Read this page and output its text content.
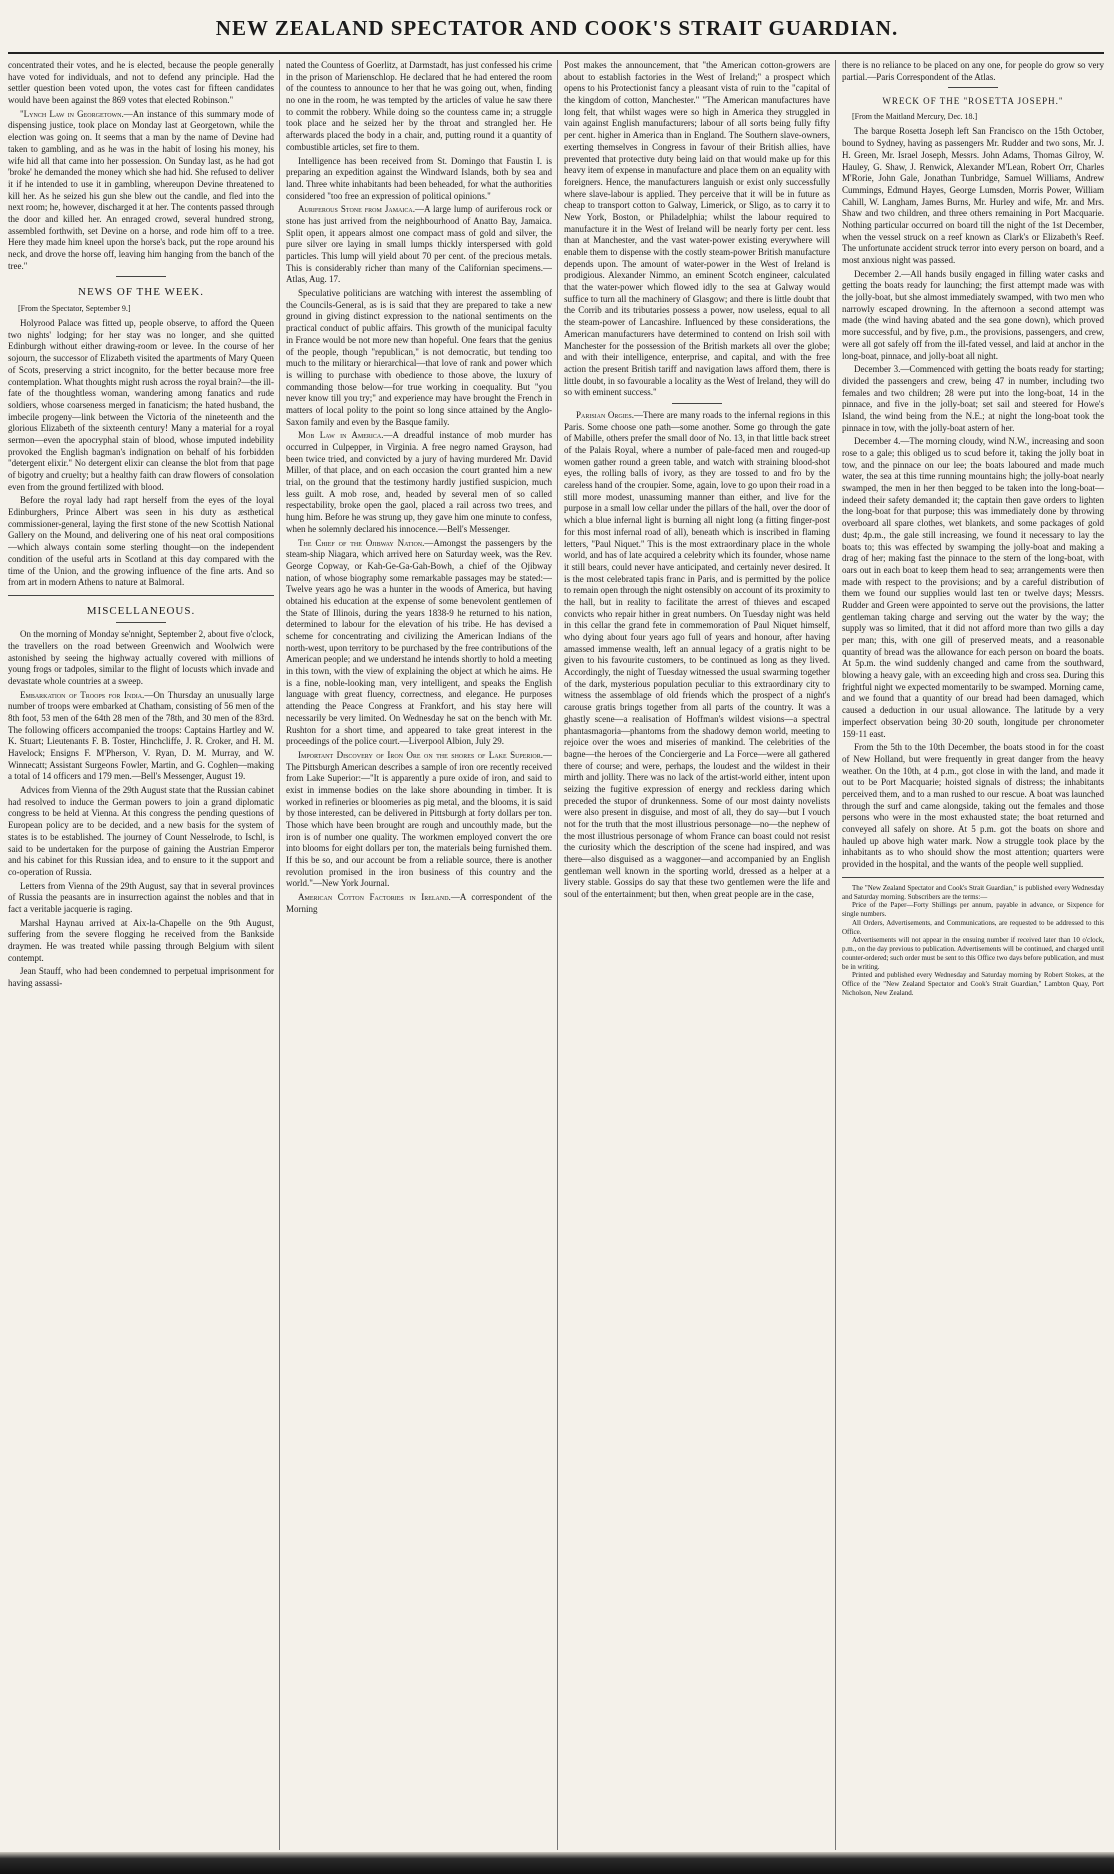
NEW ZEALAND SPECTATOR AND COOK'S STRAIT GUARDIAN.

concentrated their votes, and he is elected, because the people generally have voted for individuals, and not to defend any principle. Had the settler question been voted upon, the votes cast for fifteen candidates would have been against the 869 votes that elected Robinson."

"Lynch Law in Georgetown.—An instance of this summary mode of dispensing justice, took place on Monday last at Georgetown, while the election was going on. It seems that a man by the name of Devine had taken to gambling, and as he was in the habit of losing his money, his wife hid all that came into her possession. On Sunday last, as he had got 'broke' he demanded the money which she had hid. She refused to deliver it if he intended to use it in gambling, whereupon Devine threatened to kill her. As he seized his gun she blew out the candle, and fled into the next room; he, however, discharged it at her. The contents passed through the door and killed her. An enraged crowd, several hundred strong, assembled forthwith, set Devine on a horse, and rode him off to a tree. Here they made him kneel upon the horse's back, put the rope around his neck, and drove the horse off, leaving him hanging from the banch of the tree."

NEWS OF THE WEEK.
[From the Spectator, September 9.]

Holyrood Palace was fitted up, people observe, to afford the Queen two nights' lodging; for her stay was no longer, and she quitted Edinburgh without either drawing-room or levee. In the course of her sojourn, the successor of Elizabeth visited the apartments of Mary Queen of Scots, preserving a strict incognito, for the better because more free contemplation. What thoughts might rush across the royal brain?—the ill-fate of the thoughtless woman, wandering among fanatics and rude soldiers, whose coarseness merged in fanaticism; the hated husband, the imbecile progeny—link between the Victoria of the nineteenth and the glorious Elizabeth of the sixteenth century! Many a material for a royal sermon—even the apocryphal stain of blood, whose imputed indebility provoked the English bagman's indignation on behalf of his forbidden "detergent elixir." No detergent elixir can cleanse the blot from that page of bigotry and cruelty; but a healthy faith can draw flowers of consolation even from the ground fertilized with blood.

Before the royal lady had rapt herself from the eyes of the loyal Edinburghers, Prince Albert was seen in his duty as æsthetical commissioner-general, laying the first stone of the new Scottish National Gallery on the Mound, and delivering one of his neat oral compositions—which always contain some sterling thought—on the independent condition of the useful arts in Scotland at this day compared with the time of the Union, and the growing influence of the fine arts. And so from art in modern Athens to nature at Balmoral.

MISCELLANEOUS.

On the morning of Monday se'nnight, September 2, about five o'clock, the travellers on the road between Greenwich and Woolwich were astonished by seeing the highway actually covered with millions of young frogs or tadpoles, similar to the flight of locusts which invade and devastate whole countries at a sweep.

Embarkation of Troops for India.—On Thursday an unusually large number of troops were embarked at Chatham, consisting of 56 men of the 8th foot, 53 men of the 64th 28 men of the 78th, and 30 men of the 83rd. The following officers accompanied the troops: Captains Hartley and W. K. Stuart; Lieutenants F. B. Toster, Hinchcliffe, J. R. Croker, and H. M. Havelock; Ensigns F. M'Pherson, V. Ryan, D. M. Murray, and W. Winnecatt; Assistant Surgeons Fowler, Martin, and G. Coghlen—making a total of 14 officers and 179 men.—Bell's Messenger, August 19.

Advices from Vienna of the 29th August state that the Russian cabinet had resolved to induce the German powers to join a grand diplomatic congress to be held at Vienna. At this congress the pending questions of European policy are to be decided, and a new basis for the system of states is to be established. The journey of Count Nesselrode, to Ischl, is said to be undertaken for the purpose of gaining the Austrian Emperor and his cabinet for this Russian idea, and to ensure to it the support and co-operation of Russia.

Letters from Vienna of the 29th August, say that in several provinces of Russia the peasants are in insurrection against the nobles and that in fact a veritable jacquerie is raging.

Marshal Haynau arrived at Aix-la-Chapelle on the 9th August, suffering from the severe flogging he received from the Bankside draymen. He was treated while passing through Belgium with silent contempt.

Jean Stauff, who had been condemned to perpetual imprisonment for having assassi-

nated the Countess of Goerlitz, at Darmstadt, has just confessed his crime in the prison of Marienschlop. He declared that he had entered the room of the countess to announce to her that he was going out, when, finding no one in the room, he was tempted by the articles of value he saw there to commit the robbery. While doing so the countess came in; a struggle took place and he seized her by the throat and strangled her. He afterwards placed the body in a chair, and, putting round it a quantity of combustible articles, set fire to them.

Intelligence has been received from St. Domingo that Faustin I. is preparing an expedition against the Windward Islands, both by sea and land. Three white inhabitants had been beheaded, for what the authorities considered "too free an expression of political opinions."

Auriferous Stone from Jamaica.—A large lump of auriferous rock or stone has just arrived from the neighbourhood of Anatto Bay, Jamaica. Split open, it appears almost one compact mass of gold and silver, the pure silver ore laying in small lumps thickly interspersed with gold particles. This lump will yield about 70 per cent. of the precious metals. This is considerably richer than many of the Californian specimens.—Atlas, Aug. 17.

Speculative politicians are watching with interest the assembling of the Councils-General, as is is said that they are prepared to take a new ground in giving distinct expression to the national sentiments on the practical conduct of public affairs. This growth of the municipal faculty in France would be not more new than hopeful. One fears that the genius of the people, though "republican," is not democratic, but tending too much to the military or hierarchical—that love of rank and power which is willing to purchase with obedience to those above, the luxury of commanding those below—for true working in coequality. But "you never know till you try;" and experience may have brought the French in matters of local polity to the point so long since attained by the Anglo-Saxon family and even by the Basque family.

Mob Law in America.—A dreadful instance of mob murder has occurred in Culpepper, in Virginia. A free negro named Grayson, had been twice tried, and convicted by a jury of having murdered Mr. David Miller, of that place, and on each occasion the court granted him a new trial, on the ground that the testimony hardly justified suspicion, much less guilt. A mob rose, and, headed by several men of so called respectability, broke open the gaol, placed a rail across two trees, and hung him. Before he was strung up, they gave him one minute to confess, when he solemnly declared his innocence.—Bell's Messenger.

The Chief of the Ojibway Nation.—Amongst the passengers by the steam-ship Niagara, which arrived here on Saturday week, was the Rev. George Copway, or Kah-Ge-Ga-Gah-Bowh, a chief of the Ojibway nation, of whose biography some remarkable passages may be stated:—Twelve years ago he was a hunter in the woods of America, but having obtained his education at the expense of some benevolent gentlemen of the State of Illinois, during the years 1838-9 he returned to his nation, determined to labour for the elevation of his tribe. He has devised a scheme for concentrating and civilizing the American Indians of the north-west, upon territory to be purchased by the free contributions of the American people; and we understand he intends shortly to hold a meeting in this town, with the view of explaining the object at which he aims. He is a fine, noble-looking man, very intelligent, and speaks the English language with great fluency, correctness, and elegance. He purposes attending the Peace Congress at Frankfort, and his stay here will necessarily be very limited. On Wednesday he sat on the bench with Mr. Rushton for a short time, and appeared to take great interest in the proceedings of the police court.—Liverpool Albion, July 29.

Important Discovery of Iron Ore on the shores of Lake Superior.—The Pittsburgh American describes a sample of iron ore recently received from Lake Superior:—"It is apparently a pure oxide of iron, and said to exist in immense bodies on the lake shore abounding in timber. It is worked in refineries or bloomeries as pig metal, and the blooms, it is said by those interested, can be delivered in Pittsburgh at forty dollars per ton. Those which have been brought are rough and uncouthly made, but the iron is of number one quality. The workmen employed convert the ore into blooms for eight dollars per ton, the materials being furnished them. If this be so, and our account be from a reliable source, there is another revolution promised in the iron business of this country and the world."—New York Journal.

American Cotton Factories in Ireland.—A correspondent of the Morning

Post makes the announcement, that "the American cotton-growers are about to establish factories in the West of Ireland;" a prospect which opens to his Protectionist fancy a pleasant vista of ruin to the "capital of the kingdom of cotton, Manchester." "The American manufactures have long felt, that whilst wages were so high in America they struggled in vain against English manufacturers; labour of all sorts being fully fifty per cent. higher in America than in England. The Southern slave-owners, exerting themselves in Congress in favour of their British allies, have prevented that protective duty being laid on that would make up for this heavy item of expense in manufacture and place them on an equality with foreigners. Hence, the manufacturers languish or exist only successfully where slave-labour is applied. They perceive that it will be in future as cheap to transport cotton to Galway, Limerick, or Sligo, as to carry it to New York, Boston, or Philadelphia; whilst the labour required to manufacture it in the West of Ireland will be nearly forty per cent. less than at Manchester, and the vast water-power existing everywhere will enable them to dispense with the costly steam-power British manufacture depends upon. The amount of water-power in the West of Ireland is prodigious. Alexander Nimmo, an eminent Scotch engineer, calculated that the water-power which flowed idly to the sea at Galway would suffice to turn all the machinery of Glasgow; and there is little doubt that the Corrib and its tributaries possess a power, now useless, equal to all the steam-power of Lancashire. Influenced by these considerations, the American manufacturers have determined to contend on Irish soil with Manchester for the possession of the British markets all over the globe; and with their intelligence, enterprise, and capital, and with the free action the present British tariff and navigation laws afford them, there is little doubt, in so favourable a locality as the West of Ireland, they will do so with eminent success."

Parisian Orgies.—There are many roads to the infernal regions in this Paris. Some choose one path—some another. Some go through the gate of Mabille, others prefer the small door of No. 13, in that little back street of the Palais Royal, where a number of pale-faced men and rouged-up women gather round a green table, and watch with straining blood-shot eyes, the rolling balls of ivory, as they are tossed to and fro by the careless hand of the croupier. Some, again, love to go upon their road in a still more modest, unassuming manner than either, and live for the purpose in a small low cellar under the pillars of the hall, over the door of which a blue infernal light is burning all night long (a fitting finger-post for this most infernal road of all), beneath which is inscribed in flaming letters, "Paul Niquet." This is the most extraordinary place in the whole world, and has of late acquired a celebrity which its founder, whose name it still bears, could never have anticipated, and certainly never desired. It is the most celebrated tapis franc in Paris, and is permitted by the police to remain open through the night ostensibly on account of its proximity to the hall, but in reality to facilitate the arrest of thieves and escaped convicts who repair hither in great numbers. On Tuesday night was held in this cellar the grand fete in commemoration of Paul Niquet himself, who dying about four years ago full of years and honour, after having amassed immense wealth, left an annual legacy of a gratis night to be given to his favourite customers, to be continued as long as they lived. Accordingly, the night of Tuesday witnessed the usual swarming together of the dark, mysterious population peculiar to this extraordinary city to witness the assemblage of old friends which the prospect of a night's carouse gratis brings together from all parts of the country. It was a ghastly scene—a realisation of Hoffman's wildest visions—a spectral phantasmagoria—phantoms from the shadowy demon world, meeting to rejoice over the woes and miseries of mankind. The celebrities of the bagne—the heroes of the Conciergerie and La Force—were all gathered there of course; and were, perhaps, the loudest and the wildest in their mirth and jollity. There was no lack of the artist-world either, intent upon seizing the fugitive expression of energy and reckless daring which preceded the stupor of drunkenness. Some of our most dainty novelists were also present in disguise, and most of all, they do say—but I vouch not for the truth that the most illustrious personage—no—the nephew of the most illustrious personage of whom France can boast could not resist the curiosity which the description of the scene had inspired, and was there—also disguised as a waggoner—and accompanied by an English gentleman well known in the sporting world, dressed as a helper at a livery stable. Gossips do say that these two gentlemen were the life and soul of the entertainment; but then, when great people are in the case,

there is no reliance to be placed on any one, for people do grow so very partial.—Paris Correspondent of the Atlas.

WRECK OF THE "ROSETTA JOSEPH."
[From the Maitland Mercury, Dec. 18.]

The barque Rosetta Joseph left San Francisco on the 15th October, bound to Sydney, having as passengers Mr. Rudder and two sons, Mr. J. H. Green, Mr. Israel Joseph, Messrs. John Adams, Thomas Gilroy, W. Hauley, G. Shaw, J. Renwick, Alexander M'Lean, Robert Orr, Charles M'Rorie, John Gale, Jonathan Tunbridge, Samuel Williams, Andrew Cummings, Edmund Hayes, George Lumsden, Morris Power, William Cahill, W. Langham, James Burns, Mr. Hurley and wife, Mr. and Mrs. Shaw and two children, and three others remaining in Port Macquarie. Nothing particular occurred on board till the night of the 1st December, when the vessel struck on a reef known as Clark's or Elizabeth's Reef. The unfortunate accident struck terror into every person on board, and a most anxious night was passed.

December 2.—All hands busily engaged in filling water casks and getting the boats ready for launching; the first attempt made was with the jolly-boat, but she almost immediately swamped, with two men who narrowly escaped drowning. In the afternoon a second attempt was made (the wind having abated and the sea gone down), which proved more successful, and by five, p.m., the provisions, passengers, and crew, were all got safely off from the ill-fated vessel, and laid at anchor in the long-boat, pinnace, and jolly-boat all night.

December 3.—Commenced with getting the boats ready for starting; divided the passengers and crew, being 47 in number, including two females and two children; 28 were put into the long-boat, 14 in the pinnace, and five in the jolly-boat; set sail and steered for Howe's Island, the wind being from the N.E.; at night the long-boat took the pinnace in tow, with the jolly-boat astern of her.

December 4.—The morning cloudy, wind N.W., increasing and soon rose to a gale; this obliged us to scud before it, taking the jolly boat in tow, and the pinnace on our lee; the boats laboured and made much water, the sea at this time running mountains high; the jolly-boat nearly swamped, the men in her then begged to be taken into the long-boat—indeed their safety demanded it; the captain then gave orders to lighten the long-boat for that purpose; this was immediately done by throwing overboard all spare clothes, wet blankets, and some packages of gold dust; 4p.m., the gale still increasing, we found it necessary to lay the boats to; this was effected by swamping the jolly-boat and making a drag of her; making fast the pinnace to the stern of the long-boat, with oars out in each boat to keep them head to sea; arrangements were then made with respect to the provisions; and by a careful distribution of them we found our supplies would last ten or twelve days; Messrs. Rudder and Green were appointed to serve out the provisions, the latter gentleman taking charge and serving out the water by the way; the supply was so limited, that it did not afford more than two gills a day per man; this, with one gill of preserved meats, and a reasonable quantity of bread was the allowance for each person on board the boats. At 5p.m. the wind suddenly changed and came from the southward, blowing a heavy gale, with an exceeding high and cross sea. During this frightful night we expected momentarily to be swamped. Morning came, and we found that a quantity of our bread had been damaged, which caused a deduction in our usual allowance. The latitude by a very imperfect observation being 30·20 south, longitude per chronometer 159·11 east.

From the 5th to the 10th December, the boats stood in for the coast of New Holland, but were frequently in great danger from the heavy weather. On the 10th, at 4 p.m., got close in with the land, and made it out to be Port Macquarie; hoisted signals of distress; the inhabitants perceived them, and to a man rushed to our rescue. A boat was launched through the surf and came alongside, taking out the females and those persons who were in the most exhausted state; the boat returned and conveyed all safely on shore. At 5 p.m. got the boats on shore and hauled up above high water mark. Now a struggle took place by the inhabitants as to who should show the most attention; quarters were provided in the hospital, and the wants of the people well supplied.

The "New Zealand Spectator and Cook's Strait Guardian," is published every Wednesday and Saturday morning. Subscribers are the terms:—

Price of the Paper—Forty Shillings per annum, payable in advance, or Sixpence for single numbers.

All Orders, Advertisements, and Communications, are requested to be addressed to this Office.

Advertisements will not appear in the ensuing number if received later than 10 o'clock, p.m., on the day previous to publication. Advertisements will be continued, and charged until counter-ordered; such order must be sent to this Office two days before publication, and must be in writing.

Printed and published every Wednesday and Saturday morning by Robert Stokes, at the Office of the "New Zealand Spectator and Cook's Strait Guardian," Lambton Quay, Port Nicholson, New Zealand.
